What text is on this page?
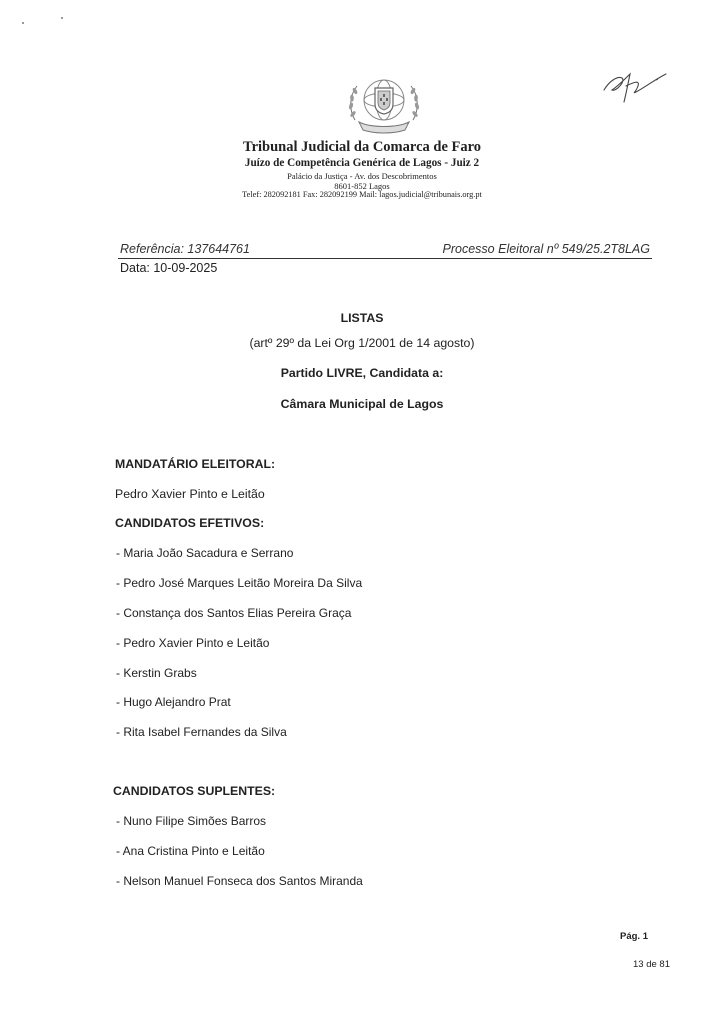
Tribunal Judicial da Comarca de Faro
Juízo de Competência Genérica de Lagos - Juiz 2
Palácio da Justiça - Av. dos Descobrimentos
8601-852 Lagos
Telef: 282092181 Fax: 282092199 Mail: lagos.judicial@tribunais.org.pt
Referência: 137644761	Processo Eleitoral nº 549/25.2T8LAG
Data: 10-09-2025
LISTAS
(artº 29º da Lei Org 1/2001 de 14 agosto)
Partido LIVRE, Candidata a:
Câmara Municipal de Lagos
MANDATÁRIO ELEITORAL:
Pedro Xavier Pinto e Leitão
CANDIDATOS EFETIVOS:
- Maria João Sacadura e Serrano
- Pedro José Marques Leitão Moreira Da Silva
- Constança dos Santos Elias Pereira Graça
- Pedro Xavier Pinto e Leitão
- Kerstin Grabs
- Hugo Alejandro Prat
- Rita Isabel Fernandes da Silva
CANDIDATOS SUPLENTES:
- Nuno Filipe Simões Barros
- Ana Cristina Pinto e Leitão
- Nelson Manuel Fonseca dos Santos Miranda
Pág. 1
13 de 81
